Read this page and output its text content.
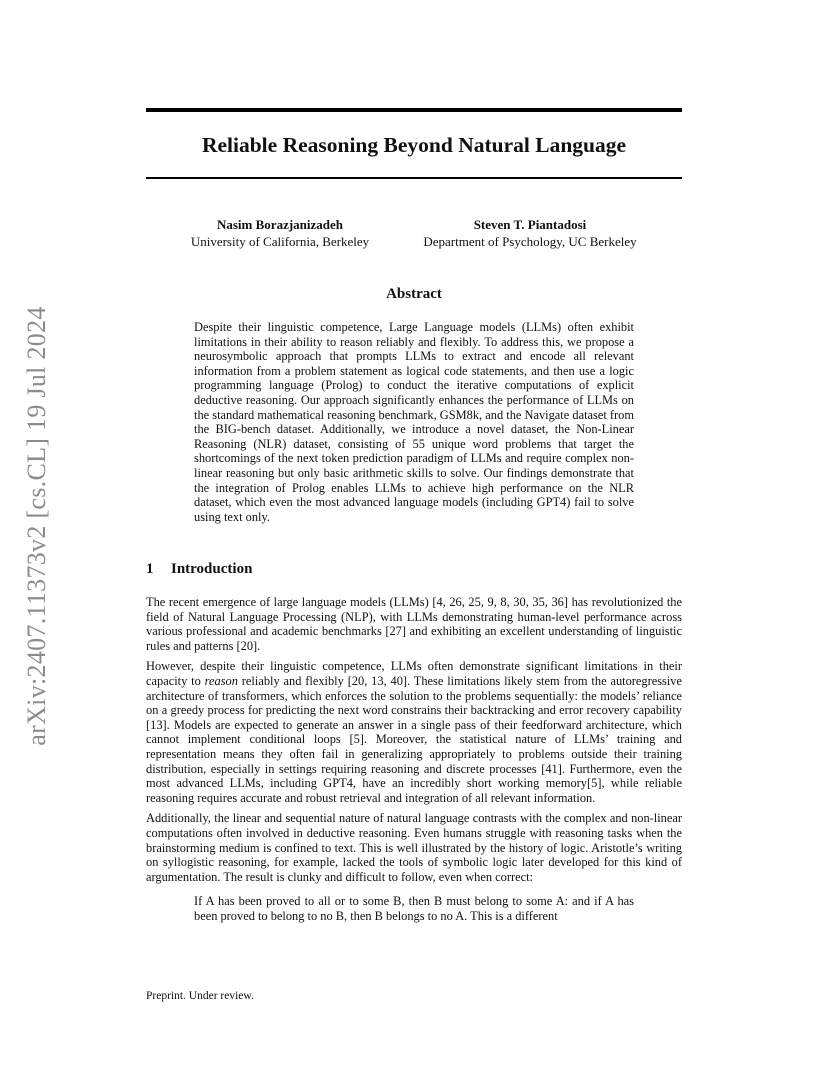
arXiv:2407.11373v2 [cs.CL] 19 Jul 2024
Reliable Reasoning Beyond Natural Language
Nasim Borazjanizadeh
University of California, Berkeley
Steven T. Piantadosi
Department of Psychology, UC Berkeley
Abstract
Despite their linguistic competence, Large Language models (LLMs) often exhibit limitations in their ability to reason reliably and flexibly. To address this, we propose a neurosymbolic approach that prompts LLMs to extract and encode all relevant information from a problem statement as logical code statements, and then use a logic programming language (Prolog) to conduct the iterative computations of explicit deductive reasoning. Our approach significantly enhances the performance of LLMs on the standard mathematical reasoning benchmark, GSM8k, and the Navigate dataset from the BIG-bench dataset. Additionally, we introduce a novel dataset, the Non-Linear Reasoning (NLR) dataset, consisting of 55 unique word problems that target the shortcomings of the next token prediction paradigm of LLMs and require complex non-linear reasoning but only basic arithmetic skills to solve. Our findings demonstrate that the integration of Prolog enables LLMs to achieve high performance on the NLR dataset, which even the most advanced language models (including GPT4) fail to solve using text only.
1 Introduction

The recent emergence of large language models (LLMs) [4, 26, 25, 9, 8, 30, 35, 36] has revolutionized the field of Natural Language Processing (NLP), with LLMs demonstrating human-level performance across various professional and academic benchmarks [27] and exhibiting an excellent understanding of linguistic rules and patterns [20].

However, despite their linguistic competence, LLMs often demonstrate significant limitations in their capacity to reason reliably and flexibly [20, 13, 40]. These limitations likely stem from the autoregressive architecture of transformers, which enforces the solution to the problems sequentially: the models’ reliance on a greedy process for predicting the next word constrains their backtracking and error recovery capability [13]. Models are expected to generate an answer in a single pass of their feedforward architecture, which cannot implement conditional loops [5]. Moreover, the statistical nature of LLMs’ training and representation means they often fail in generalizing appropriately to problems outside their training distribution, especially in settings requiring reasoning and discrete processes [41]. Furthermore, even the most advanced LLMs, including GPT4, have an incredibly short working memory[5], while reliable reasoning requires accurate and robust retrieval and integration of all relevant information.

Additionally, the linear and sequential nature of natural language contrasts with the complex and non-linear computations often involved in deductive reasoning. Even humans struggle with reasoning tasks when the brainstorming medium is confined to text. This is well illustrated by the history of logic. Aristotle’s writing on syllogistic reasoning, for example, lacked the tools of symbolic logic later developed for this kind of argumentation. The result is clunky and difficult to follow, even when correct:

If A has been proved to all or to some B, then B must belong to some A: and if A has been proved to belong to no B, then B belongs to no A. This is a different
Preprint. Under review.
